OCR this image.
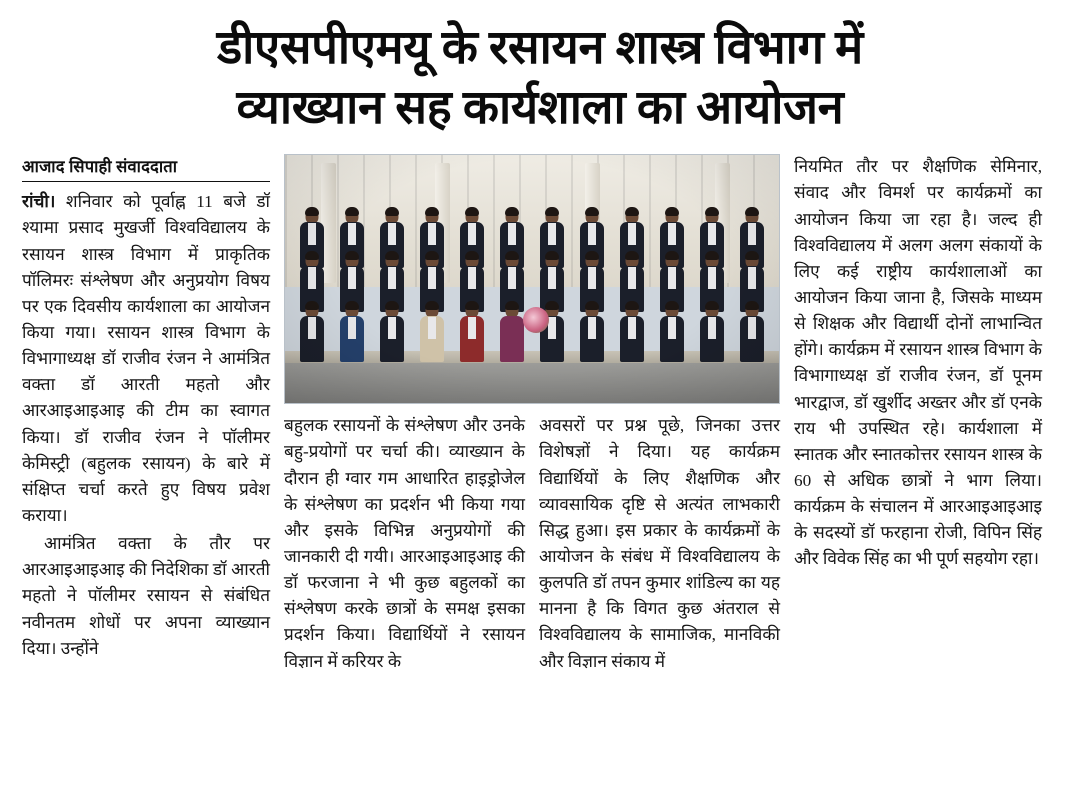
डीएसपीएमयू के रसायन शास्त्र विभाग में
व्याख्यान सह कार्यशाला का आयोजन
आजाद सिपाही संवाददाता

रांची। शनिवार को पूर्वाह्न 11 बजे डॉ श्यामा प्रसाद मुखर्जी विश्वविद्यालय के रसायन शास्त्र विभाग में प्राकृतिक पॉलिमरः संश्लेषण और अनुप्रयोग विषय पर एक दिवसीय कार्यशाला का आयोजन किया गया। रसायन शास्त्र विभाग के विभागाध्यक्ष डॉ राजीव रंजन ने आमंत्रित वक्ता डॉ आरती महतो और आरआइआइआइ की टीम का स्वागत किया। डॉ राजीव रंजन ने पॉलीमर केमिस्ट्री (बहुलक रसायन) के बारे में संक्षिप्त चर्चा करते हुए विषय प्रवेश कराया।

आमंत्रित वक्ता के तौर पर आरआइआइआइ की निदेशिका डॉ आरती महतो ने पॉलीमर रसायन से संबंधित नवीनतम शोधों पर अपना व्याख्यान दिया। उन्होंने

बहुलक रसायनों के संश्लेषण और उनके बहु-प्रयोगों पर चर्चा की। व्याख्यान के दौरान ही ग्वार गम आधारित हाइड्रोजेल के संश्लेषण का प्रदर्शन भी किया गया और इसके विभिन्न अनुप्रयोगों की जानकारी दी गयी। आरआइआइआइ की डॉ फरजाना ने भी कुछ बहुलकों का संश्लेषण करके छात्रों के समक्ष इसका प्रदर्शन किया। विद्यार्थियों ने रसायन विज्ञान में करियर के

अवसरों पर प्रश्न पूछे, जिनका उत्तर विशेषज्ञों ने दिया। यह कार्यक्रम विद्यार्थियों के लिए शैक्षणिक और व्यावसायिक दृष्टि से अत्यंत लाभकारी सिद्ध हुआ। इस प्रकार के कार्यक्रमों के आयोजन के संबंध में विश्वविद्यालय के कुलपति डॉ तपन कुमार शांडिल्य का यह मानना है कि विगत कुछ अंतराल से विश्वविद्यालय के सामाजिक, मानविकी और विज्ञान संकाय में

नियमित तौर पर शैक्षणिक सेमिनार, संवाद और विमर्श पर कार्यक्रमों का आयोजन किया जा रहा है। जल्द ही विश्वविद्यालय में अलग अलग संकायों के लिए कई राष्ट्रीय कार्यशालाओं का आयोजन किया जाना है, जिसके माध्यम से शिक्षक और विद्यार्थी दोनों लाभान्वित होंगे। कार्यक्रम में रसायन शास्त्र विभाग के विभागाध्यक्ष डॉ राजीव रंजन, डॉ पूनम भारद्वाज, डॉ खुर्शीद अख्तर और डॉ एनके राय भी उपस्थित रहे। कार्यशाला में स्नातक और स्नातकोत्तर रसायन शास्त्र के 60 से अधिक छात्रों ने भाग लिया। कार्यक्रम के संचालन में आरआइआइआइ के सदस्यों डॉ फरहाना रोजी, विपिन सिंह और विवेक सिंह का भी पूर्ण सहयोग रहा।
